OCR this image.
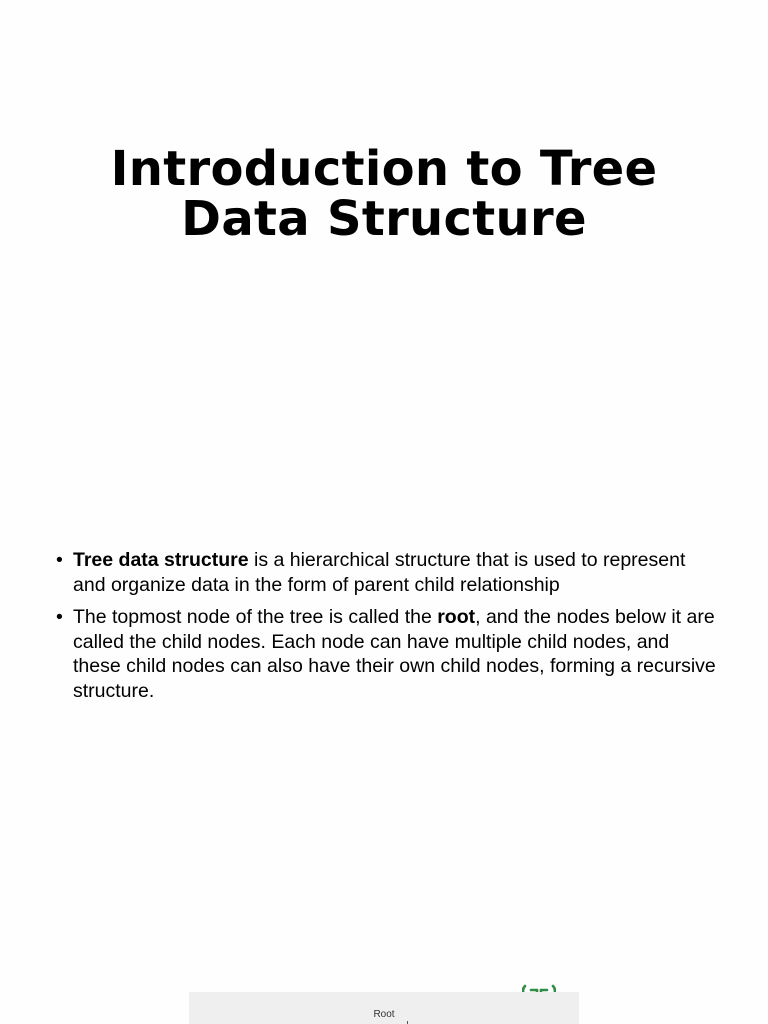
Introduction to Tree
Data Structure
• Tree data structure is a hierarchical structure that is used to represent and organize data in the form of parent child relationship
• The topmost node of the tree is called the root, and the nodes below it are called the child nodes. Each node can have multiple child nodes, and these child nodes can also have their own child nodes, forming a recursive structure.
Root
